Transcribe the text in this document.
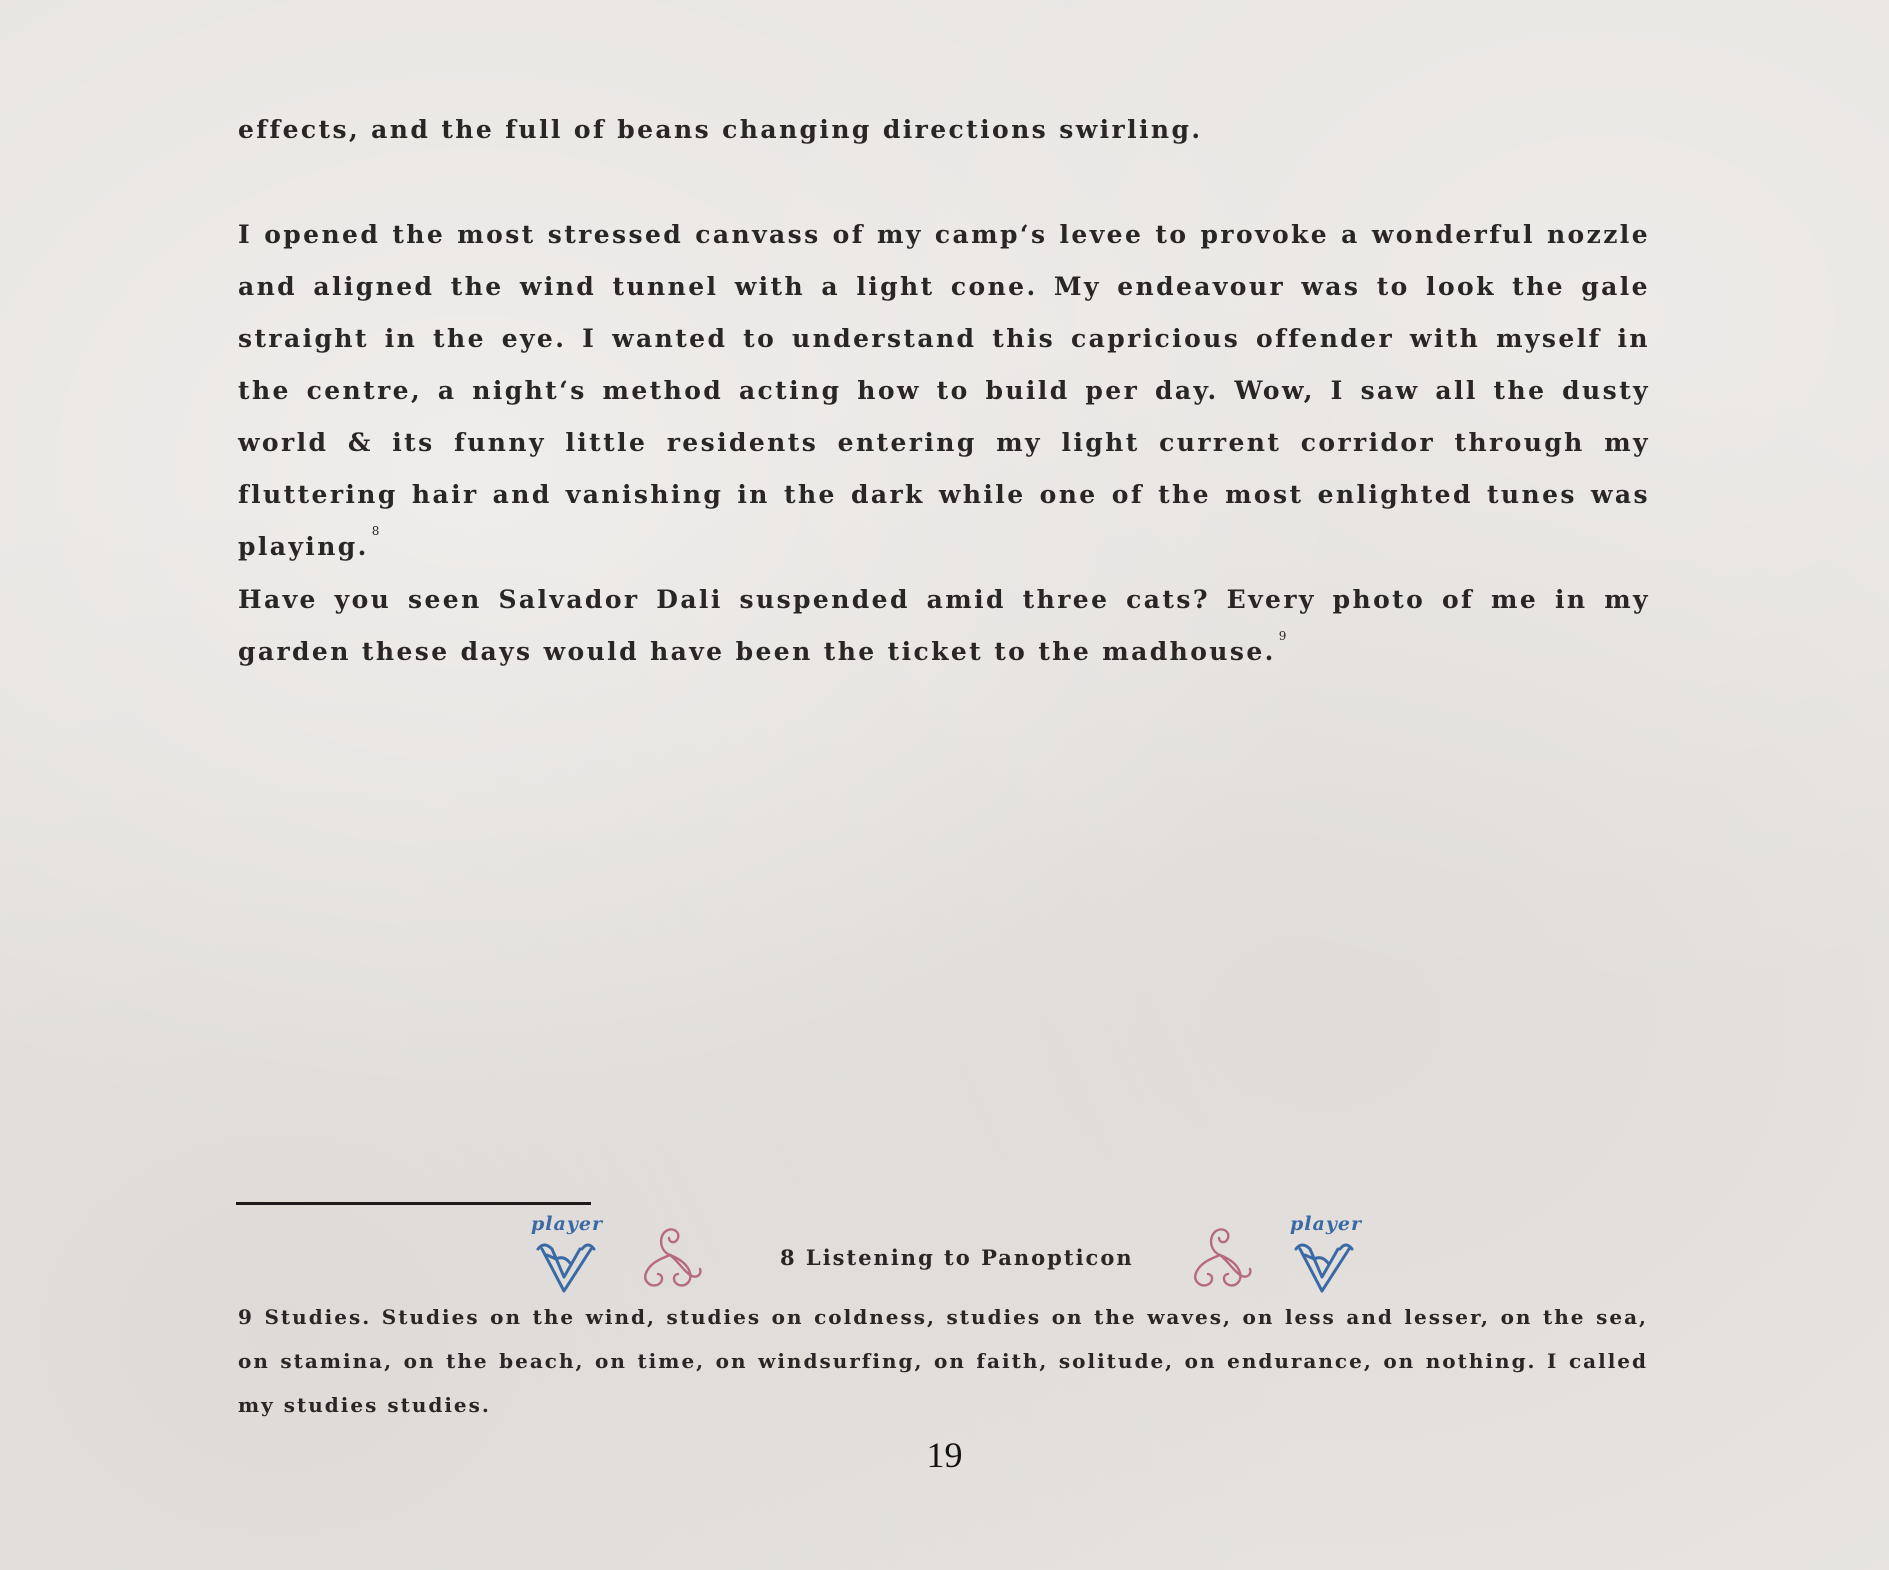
effects, and the full of beans changing directions swirling.

I opened the most stressed canvass of my camp‘s levee to provoke a wonderful nozzle and aligned the wind tunnel with a light cone. My endeavour was to look the gale straight in the eye. I wanted to understand this capricious offender with myself in the centre, a night‘s method acting how to build per day. Wow, I saw all the dusty world & its funny little residents entering my light current corridor through my fluttering hair and vanishing in the dark while one of the most enlighted tunes was playing.$^8$

Have you seen Salvador Dali suspended amid three cats? Every photo of me in my garden these days would have been the ticket to the madhouse.$^9$

player
8 Listening to Panopticon
player

9 Studies. Studies on the wind, studies on coldness, studies on the waves, on less and lesser, on the sea, on stamina, on the beach, on time, on windsurfing, on faith, solitude, on endurance, on nothing. I called my studies studies.

19
